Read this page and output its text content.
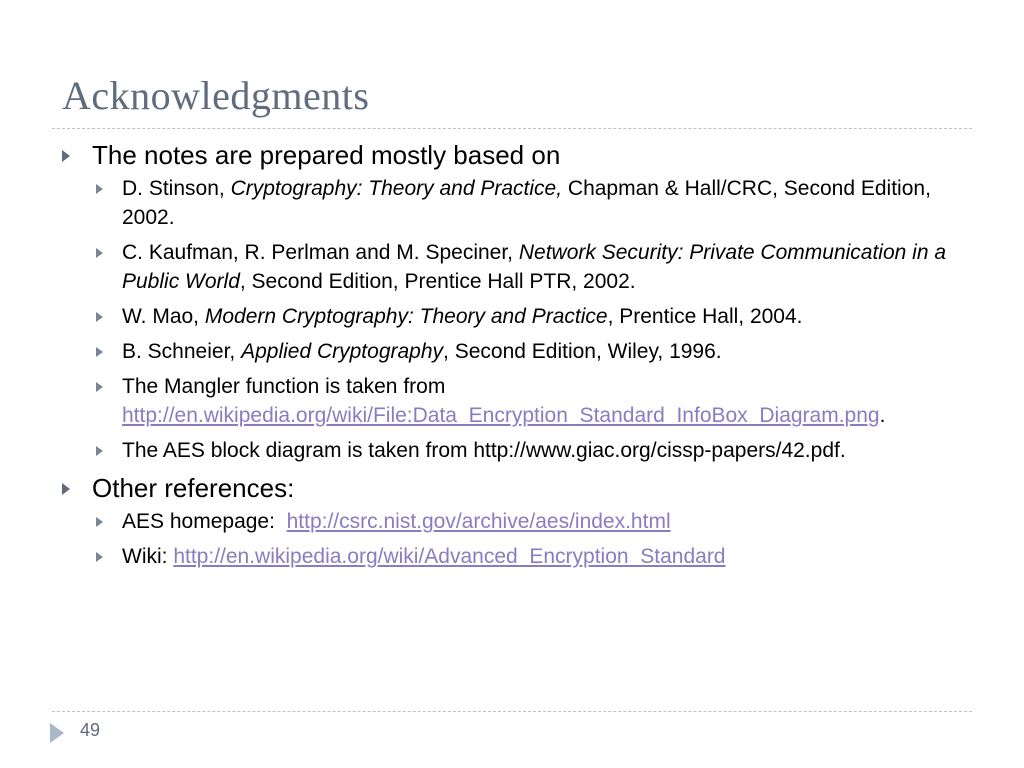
Acknowledgments
The notes are prepared mostly based on
D. Stinson, Cryptography: Theory and Practice, Chapman & Hall/CRC, Second Edition, 2002.
C. Kaufman, R. Perlman and M. Speciner, Network Security: Private Communication in a Public World, Second Edition, Prentice Hall PTR, 2002.
W. Mao, Modern Cryptography: Theory and Practice, Prentice Hall, 2004.
B. Schneier, Applied Cryptography, Second Edition, Wiley, 1996.
The Mangler function is taken from http://en.wikipedia.org/wiki/File:Data_Encryption_Standard_InfoBox_Diagram.png.
The AES block diagram is taken from http://www.giac.org/cissp-papers/42.pdf.
Other references:
AES homepage:  http://csrc.nist.gov/archive/aes/index.html
Wiki: http://en.wikipedia.org/wiki/Advanced_Encryption_Standard
49
